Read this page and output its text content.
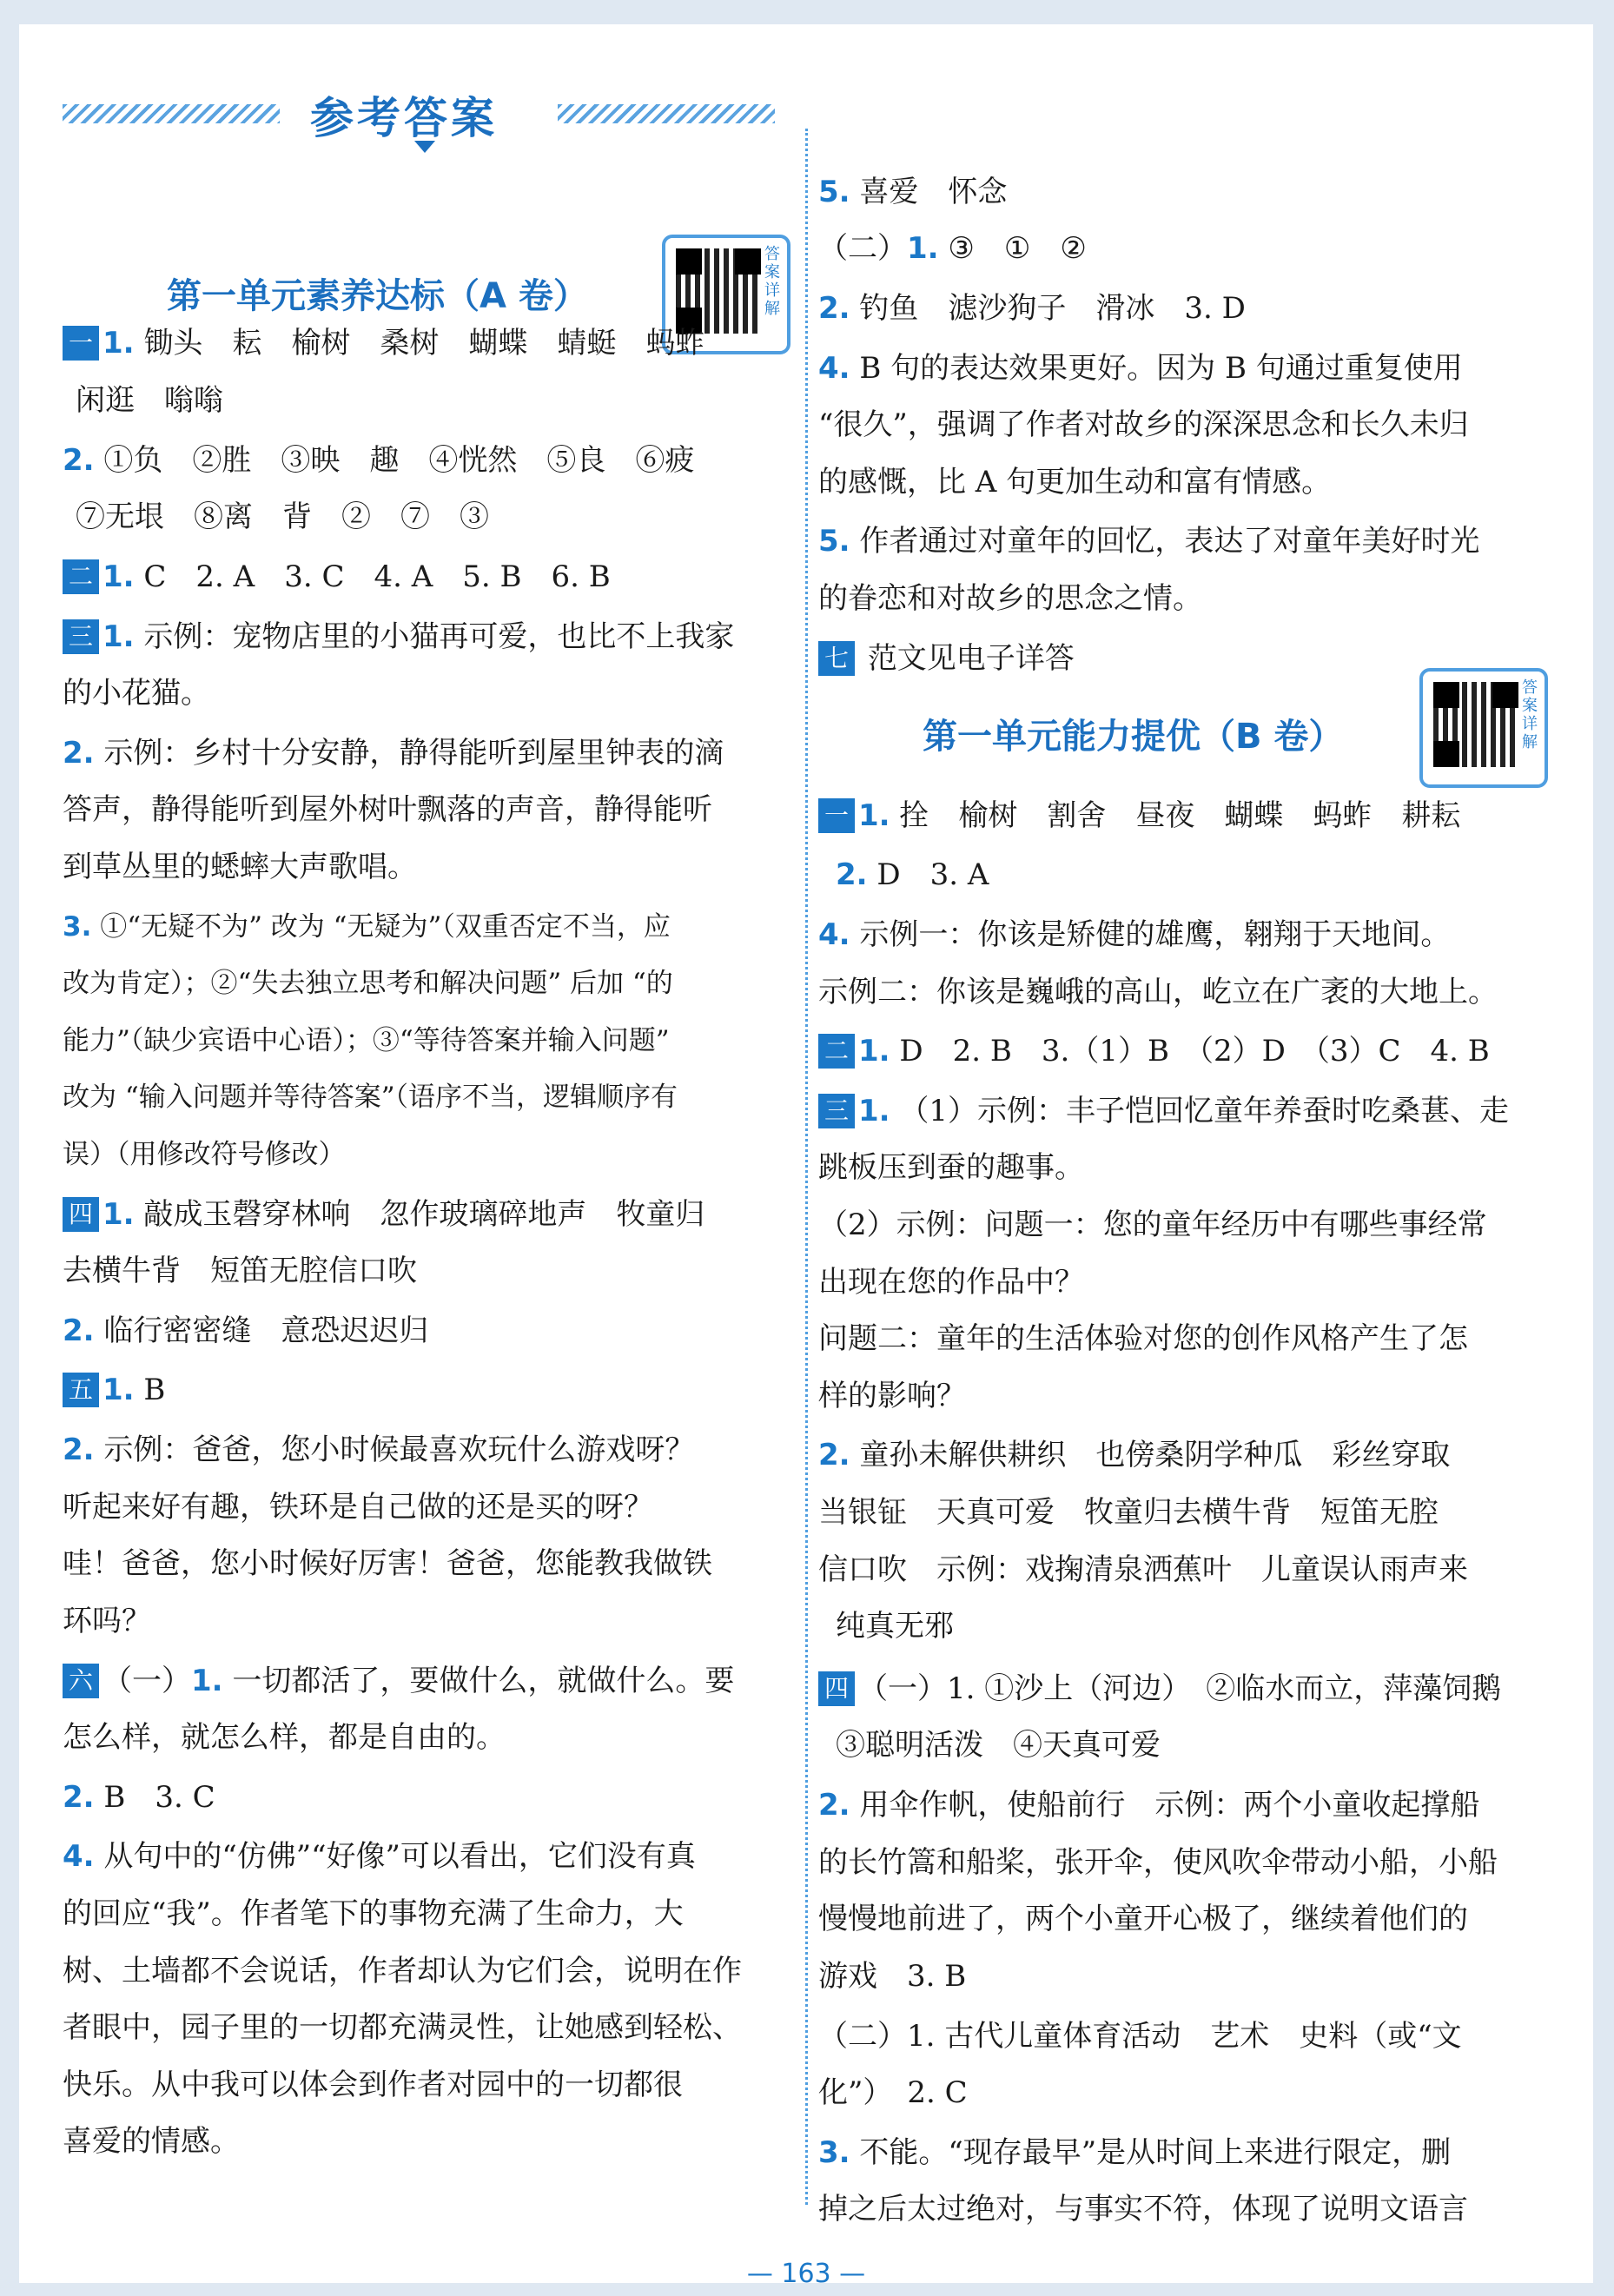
参考答案
第一单元素养达标（A 卷）
答案详解
一 1. 锄头　耘　榆树　桑树　蝴蝶　蜻蜓　蚂蚱
闲逛　嗡嗡
2. ①负　②胜　③映　趣　④恍然　⑤良　⑥疲
⑦无垠　⑧离　背　②　⑦　③
二 1. C　2. A　3. C　4. A　5. B　6. B
三 1. 示例：宠物店里的小猫再可爱，也比不上我家
的小花猫。
2. 示例：乡村十分安静，静得能听到屋里钟表的滴
答声，静得能听到屋外树叶飘落的声音，静得能听
到草丛里的蟋蟀大声歌唱。
3. ①“无疑不为” 改为 “无疑为”（双重否定不当，应
改为肯定）；②“失去独立思考和解决问题” 后加 “的
能力”（缺少宾语中心语）；③“等待答案并输入问题”
改为 “输入问题并等待答案”（语序不当，逻辑顺序有
误）（用修改符号修改）
四 1. 敲成玉磬穿林响　忽作玻璃碎地声　牧童归
去横牛背　短笛无腔信口吹
2. 临行密密缝　意恐迟迟归
五 1. B
2. 示例：爸爸，您小时候最喜欢玩什么游戏呀？
听起来好有趣，铁环是自己做的还是买的呀？
哇！爸爸，您小时候好厉害！爸爸，您能教我做铁
环吗？
六 （一）1. 一切都活了，要做什么，就做什么。要
怎么样，就怎么样，都是自由的。
2. B　3. C
4. 从句中的“仿佛”“好像”可以看出，它们没有真
的回应“我”。作者笔下的事物充满了生命力，大
树、土墙都不会说话，作者却认为它们会，说明在作
者眼中，园子里的一切都充满灵性，让她感到轻松、
快乐。从中我可以体会到作者对园中的一切都很
喜爱的情感。
5. 喜爱　怀念
（二）1. ③　①　②
2. 钓鱼　滤沙狗子　滑冰　3. D
4. B 句的表达效果更好。因为 B 句通过重复使用
“很久”，强调了作者对故乡的深深思念和长久未归
的感慨，比 A 句更加生动和富有情感。
5. 作者通过对童年的回忆，表达了对童年美好时光
的眷恋和对故乡的思念之情。
七 范文见电子详答
第一单元能力提优（B 卷）
答案详解
一 1. 拴　榆树　割舍　昼夜　蝴蝶　蚂蚱　耕耘
2. D　3. A
4. 示例一：你该是矫健的雄鹰，翱翔于天地间。
示例二：你该是巍峨的高山，屹立在广袤的大地上。
二 1. D　2. B　3.（1）B　（2）D　（3）C　4. B
三 1. （1）示例：丰子恺回忆童年养蚕时吃桑葚、走
跳板压到蚕的趣事。
（2）示例：问题一：您的童年经历中有哪些事经常
出现在您的作品中？
问题二：童年的生活体验对您的创作风格产生了怎
样的影响？
2. 童孙未解供耕织　也傍桑阴学种瓜　彩丝穿取
当银钲　天真可爱　牧童归去横牛背　短笛无腔
信口吹　示例：戏掬清泉洒蕉叶　儿童误认雨声来
纯真无邪
四 （一）1. ①沙上（河边）　②临水而立，萍藻饲鹅
③聪明活泼　④天真可爱
2. 用伞作帆，使船前行　示例：两个小童收起撑船
的长竹篙和船桨，张开伞，使风吹伞带动小船，小船
慢慢地前进了，两个小童开心极了，继续着他们的
游戏　3. B
（二）1. 古代儿童体育活动　艺术　史料（或“文
化”）　2. C
3. 不能。“现存最早”是从时间上来进行限定，删
掉之后太过绝对，与事实不符，体现了说明文语言
— 163 —
